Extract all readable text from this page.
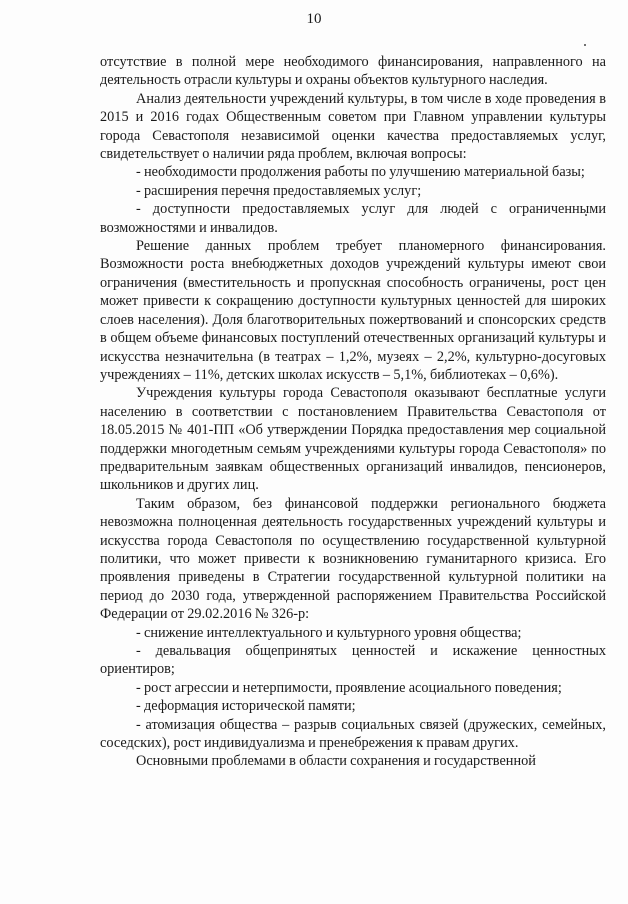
10

отсутствие в полной мере необходимого финансирования, направленного на деятельность отрасли культуры и охраны объектов культурного наследия.

Анализ деятельности учреждений культуры, в том числе в ходе проведения в 2015 и 2016 годах Общественным советом при Главном управлении культуры города Севастополя независимой оценки качества предоставляемых услуг, свидетельствует о наличии ряда проблем, включая вопросы:

- необходимости продолжения работы по улучшению материальной базы;

- расширения перечня предоставляемых услуг;

- доступности предоставляемых услуг для людей с ограниченными возможностями и инвалидов.

Решение данных проблем требует планомерного финансирования. Возможности роста внебюджетных доходов учреждений культуры имеют свои ограничения (вместительность и пропускная способность ограничены, рост цен может привести к сокращению доступности культурных ценностей для широких слоев населения). Доля благотворительных пожертвований и спонсорских средств в общем объеме финансовых поступлений отечественных организаций культуры и искусства незначительна (в театрах – 1,2%, музеях – 2,2%, культурно-досуговых учреждениях – 11%, детских школах искусств – 5,1%, библиотеках – 0,6%).

Учреждения культуры города Севастополя оказывают бесплатные услуги населению в соответствии с постановлением Правительства Севастополя от 18.05.2015 № 401-ПП «Об утверждении Порядка предоставления мер социальной поддержки многодетным семьям учреждениями культуры города Севастополя» по предварительным заявкам общественных организаций инвалидов, пенсионеров, школьников и других лиц.

Таким образом, без финансовой поддержки регионального бюджета невозможна полноценная деятельность государственных учреждений культуры и искусства города Севастополя по осуществлению государственной культурной политики, что может привести к возникновению гуманитарного кризиса. Его проявления приведены в Стратегии государственной культурной политики на период до 2030 года, утвержденной распоряжением Правительства Российской Федерации от 29.02.2016 № 326-р:

- снижение интеллектуального и культурного уровня общества;

- девальвация общепринятых ценностей и искажение ценностных ориентиров;

- рост агрессии и нетерпимости, проявление асоциального поведения;

- деформация исторической памяти;

- атомизация общества – разрыв социальных связей (дружеских, семейных, соседских), рост индивидуализма и пренебрежения к правам других.

Основными проблемами в области сохранения и государственной
